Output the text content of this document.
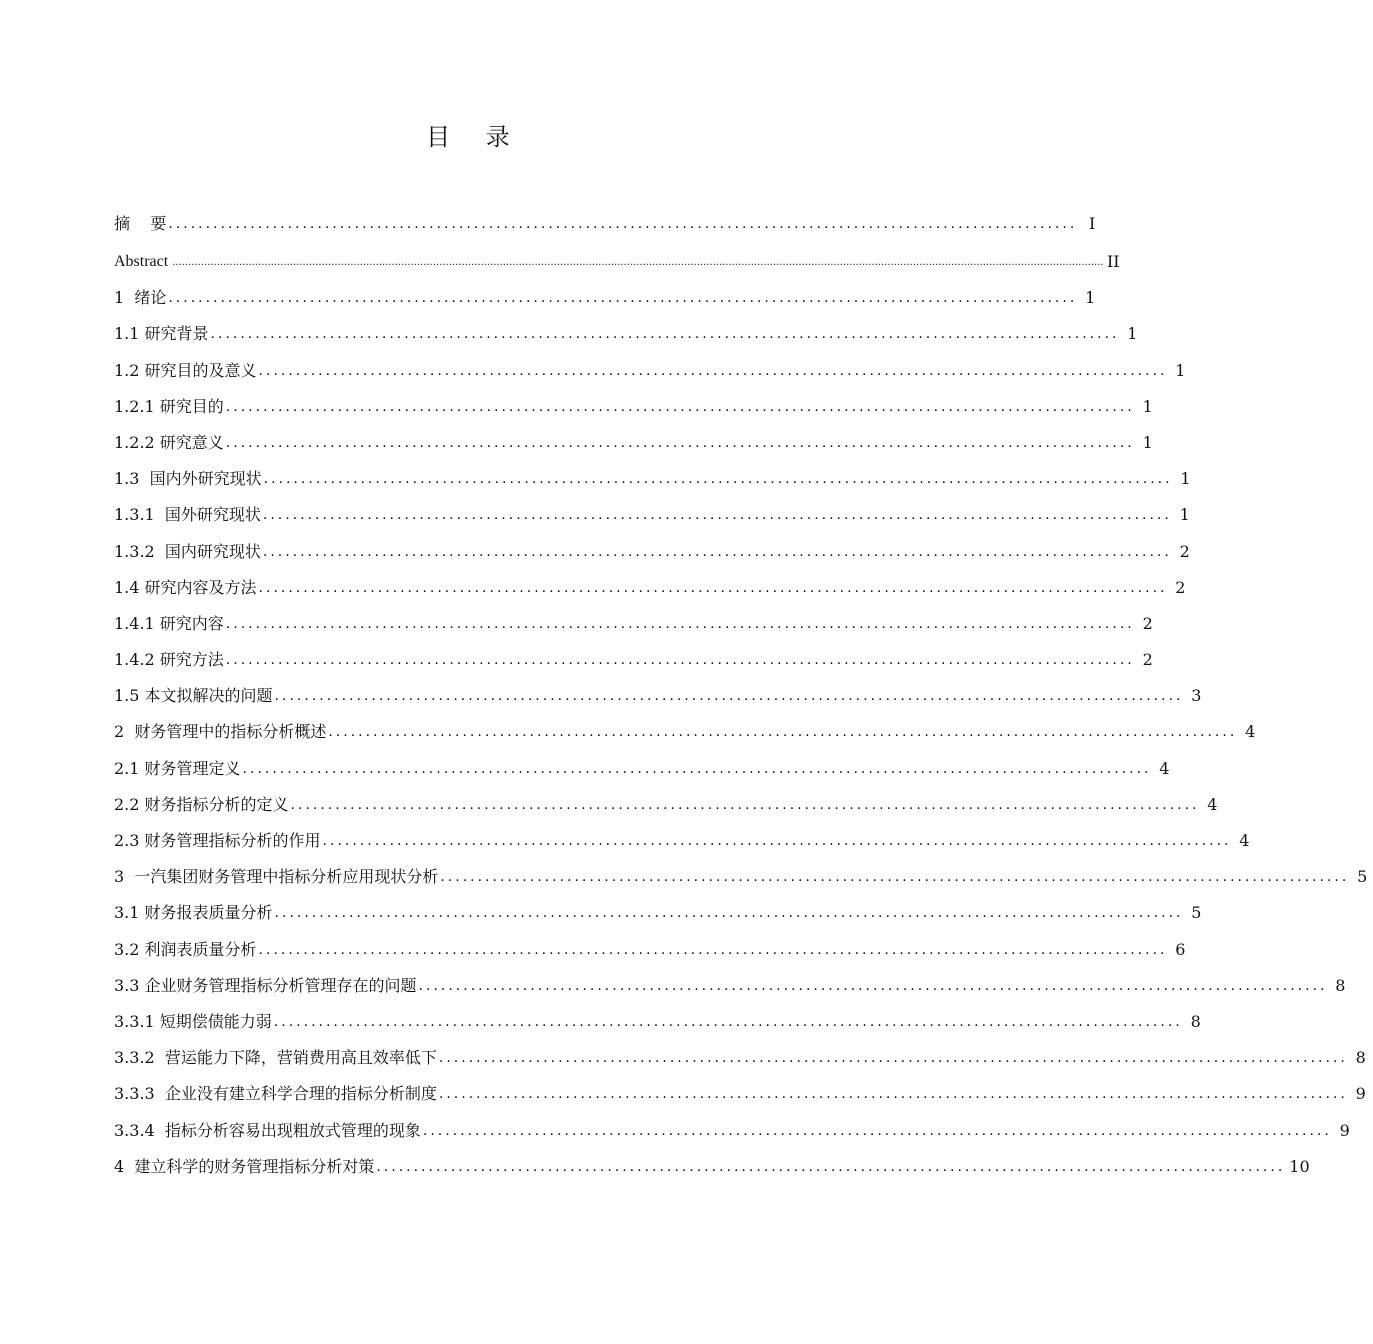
目 录
摘    要 .......................................................................................................................... I
Abstract ..................................................................................................................................................................................................................................................................................................... II
1  绪论 .......................................................................................................................... 1
1.1 研究背景 .......................................................................................................................... 1
1.2 研究目的及意义 .......................................................................................................................... 1
1.2.1 研究目的 .......................................................................................................................... 1
1.2.2 研究意义 .......................................................................................................................... 1
1.3  国内外研究现状 .......................................................................................................................... 1
1.3.1  国外研究现状 .......................................................................................................................... 1
1.3.2  国内研究现状 .......................................................................................................................... 2
1.4 研究内容及方法 .......................................................................................................................... 2
1.4.1 研究内容 .......................................................................................................................... 2
1.4.2 研究方法 .......................................................................................................................... 2
1.5 本文拟解决的问题 .......................................................................................................................... 3
2  财务管理中的指标分析概述 .......................................................................................................................... 4
2.1 财务管理定义 .......................................................................................................................... 4
2.2 财务指标分析的定义 .......................................................................................................................... 4
2.3 财务管理指标分析的作用 .......................................................................................................................... 4
3  一汽集团财务管理中指标分析应用现状分析 .......................................................................................................................... 5
3.1 财务报表质量分析 .......................................................................................................................... 5
3.2 利润表质量分析 .......................................................................................................................... 6
3.3 企业财务管理指标分析管理存在的问题 .......................................................................................................................... 8
3.3.1 短期偿债能力弱 .......................................................................................................................... 8
3.3.2  营运能力下降，营销费用高且效率低下 .......................................................................................................................... 8
3.3.3  企业没有建立科学合理的指标分析制度 .......................................................................................................................... 9
3.3.4  指标分析容易出现粗放式管理的现象 .......................................................................................................................... 9
4  建立科学的财务管理指标分析对策 .......................................................................................................................... 10
